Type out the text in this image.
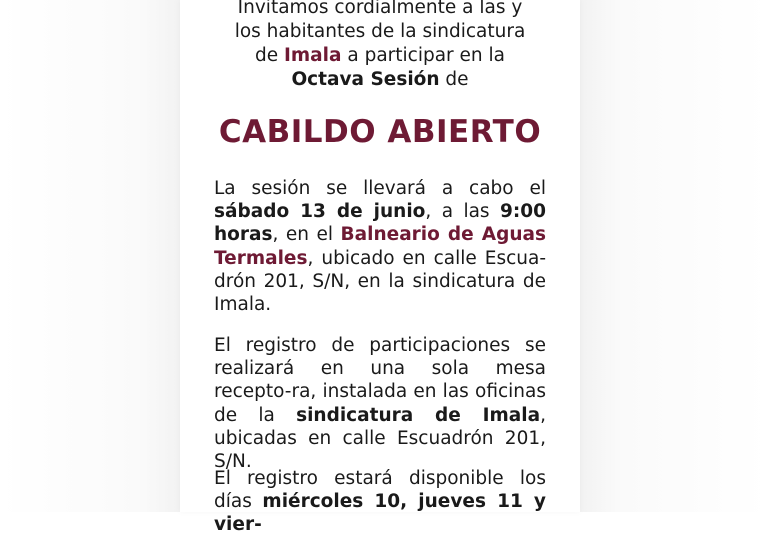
Invitamos cordialmente a las y
los habitantes de la sindicatura
de Imala a participar en la
Octava Sesión de

CABILDO ABIERTO

La sesión se llevará a cabo el sábado 13 de junio, a las 9:00 horas, en el Balneario de Aguas Termales, ubicado en calle Escua-drón 201, S/N, en la sindicatura de Imala.

El registro de participaciones se realizará en una sola mesa recepto-ra, instalada en las oficinas de la sindicatura de Imala, ubicadas en calle Escuadrón 201, S/N.

El registro estará disponible los días miércoles 10, jueves 11 y vier-
